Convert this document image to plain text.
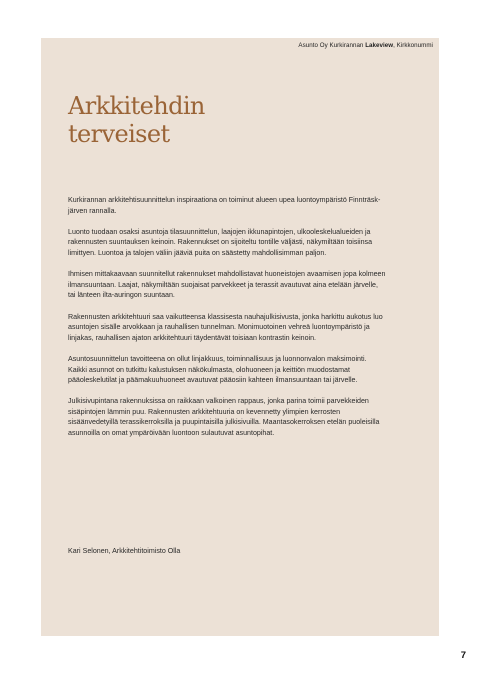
Asunto Oy Kurkirannan Lakeview, Kirkkonummi
Arkkitehdin
terveiset

Kurkirannan arkkitehtisuunnittelun inspiraationa on toiminut alueen upea luontoympäristö Finnträsk-järven rannalla.

Luonto tuodaan osaksi asuntoja tilasuunnittelun, laajojen ikkunapintojen, ulkooleskelualueiden ja rakennusten suuntauksen keinoin. Rakennukset on sijoiteltu tontille väljästi, näkymiltään toisiinsa limittyen. Luontoa ja talojen väliin jääviä puita on säästetty mahdollisimman paljon.

Ihmisen mittakaavaan suunnitellut rakennukset mahdollistavat huoneistojen avaamisen jopa kolmeen ilmansuuntaan. Laajat, näkymiltään suojaisat parvekkeet ja terassit avautuvat aina etelään järvelle, tai länteen ilta-auringon suuntaan.

Rakennusten arkkitehtuuri saa vaikutteensa klassisesta nauhajulkisivusta, jonka harkittu aukotus luo asuntojen sisälle arvokkaan ja rauhallisen tunnelman. Monimuotoinen vehreä luontoympäristö ja linjakas, rauhallisen ajaton arkkitehtuuri täydentävät toisiaan kontrastin keinoin.

Asuntosuunnittelun tavoitteena on ollut linjakkuus, toiminnallisuus ja luonnonvalon maksimointi. Kaikki asunnot on tutkittu kalustuksen näkökulmasta, olohuoneen ja keittiön muodostamat pääoleskelutilat ja päämakuuhuoneet avautuvat pääosiin kahteen ilmansuuntaan tai järvelle.

Julkisivupintana rakennuksissa on raikkaan valkoinen rappaus, jonka parina toimii parvekkeiden sisäpintojen lämmin puu. Rakennusten arkkitehtuuria on kevennetty ylimpien kerrosten sisäänvedetyillä terassikerroksilla ja puupintaisilla julkisivuilla. Maantasokerroksen etelän puoleisilla asunnoilla on omat ympäröivään luontoon sulautuvat asuntopihat.

Kari Selonen, Arkkitehtitoimisto Olla

7
